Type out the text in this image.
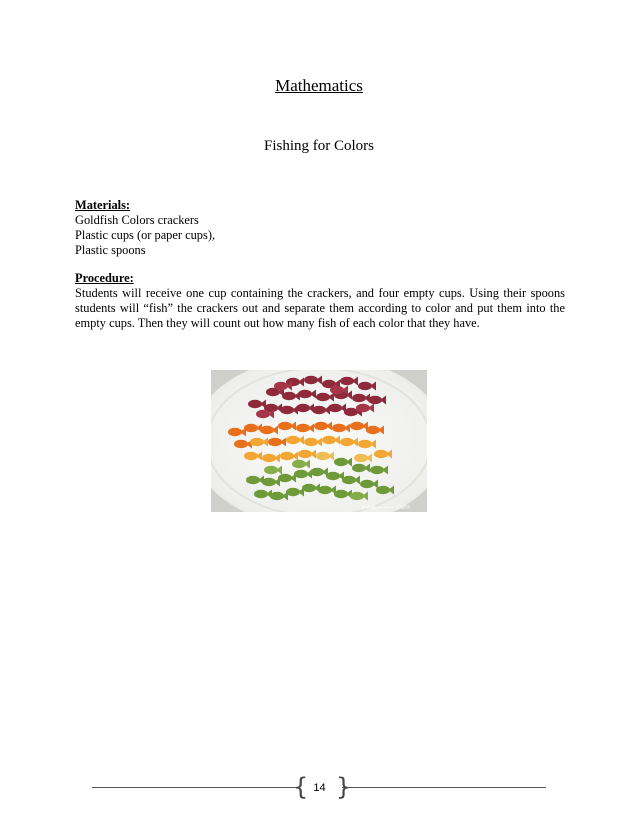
Mathematics
Fishing for Colors
Materials:
Goldfish Colors crackers
Plastic cups (or paper cups),
Plastic spoons
Procedure:

Students will receive one cup containing the crackers, and four empty cups. Using their spoons students will “fish” the crackers out and separate them according to color and put them into the empty cups. Then they will count out how many fish of each color that they have.

www.———.com
{ }
14
